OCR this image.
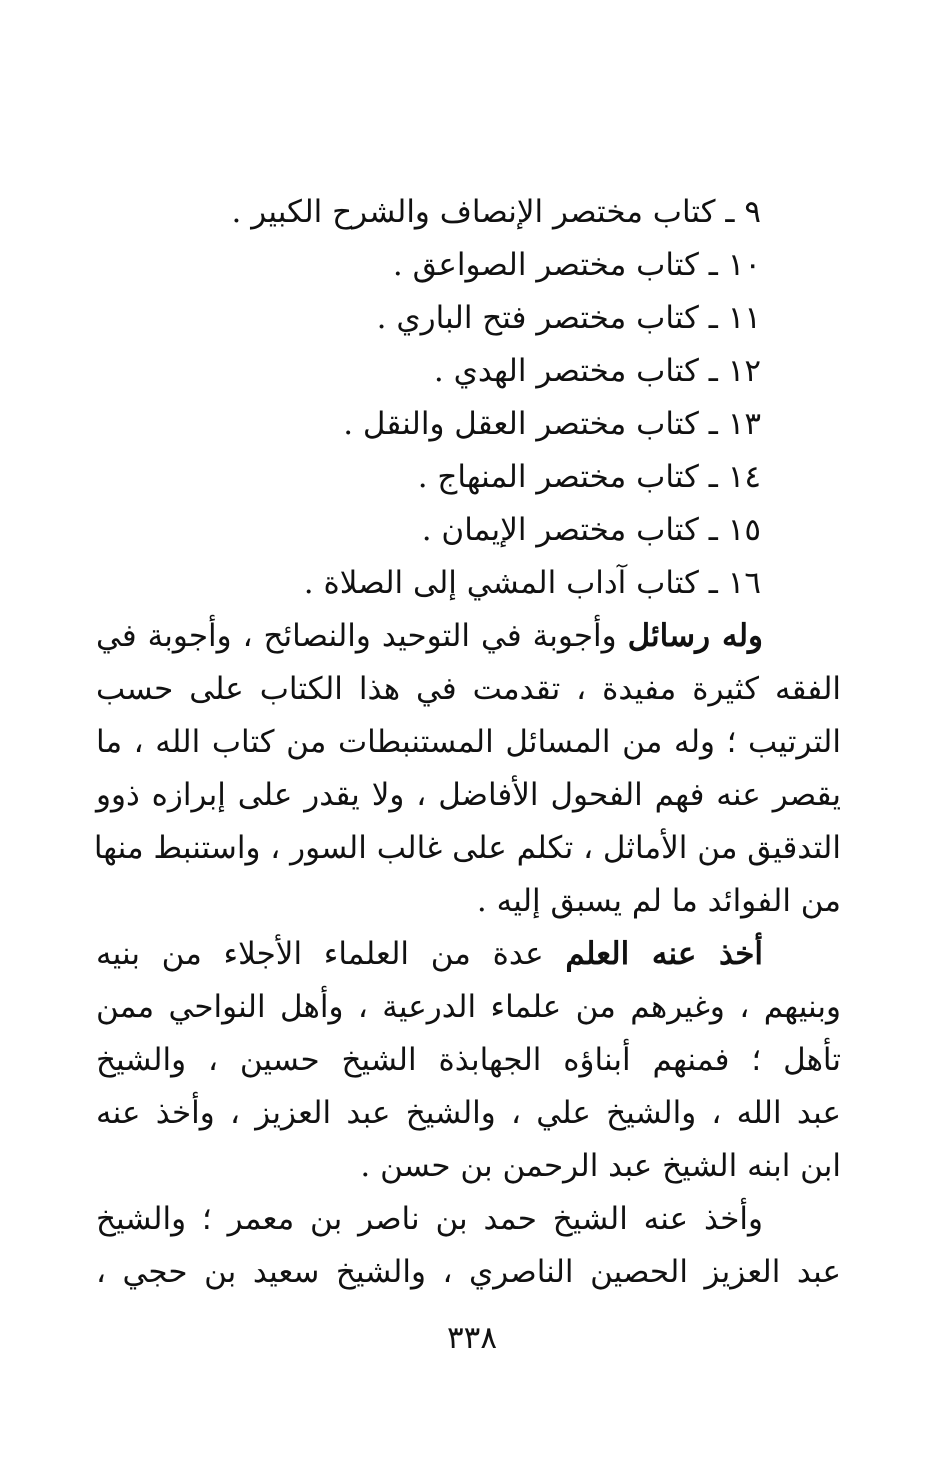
٩ ـ كتاب مختصر الإنصاف والشرح الكبير .
١٠ ـ كتاب مختصر الصواعق .
١١ ـ كتاب مختصر فتح الباري .
١٢ ـ كتاب مختصر الهدي .
١٣ ـ كتاب مختصر العقل والنقل .
١٤ ـ كتاب مختصر المنهاج .
١٥ ـ كتاب مختصر الإيمان .
١٦ ـ كتاب آداب المشي إلى الصلاة .
وله رسائل وأجوبة في التوحيد والنصائح ، وأجوبة في
الفقه كثيرة مفيدة ، تقدمت في هذا الكتاب على حسب
الترتيب ؛ وله من المسائل المستنبطات من كتاب الله ، ما
يقصر عنه فهم الفحول الأفاضل ، ولا يقدر على إبرازه ذوو
التدقيق من الأماثل ، تكلم على غالب السور ، واستنبط منها
من الفوائد ما لم يسبق إليه .
أخذ عنه العلم عدة من العلماء الأجلاء من بنيه
وبنيهم ، وغيرهم من علماء الدرعية ، وأهل النواحي ممن
تأهل ؛ فمنهم أبناؤه الجهابذة الشيخ حسين ، والشيخ
عبد الله ، والشيخ علي ، والشيخ عبد العزيز ، وأخذ عنه
ابن ابنه الشيخ عبد الرحمن بن حسن .
وأخذ عنه الشيخ حمد بن ناصر بن معمر ؛ والشيخ
عبد العزيز الحصين الناصري ، والشيخ سعيد بن حجي ،
٣٣٨
